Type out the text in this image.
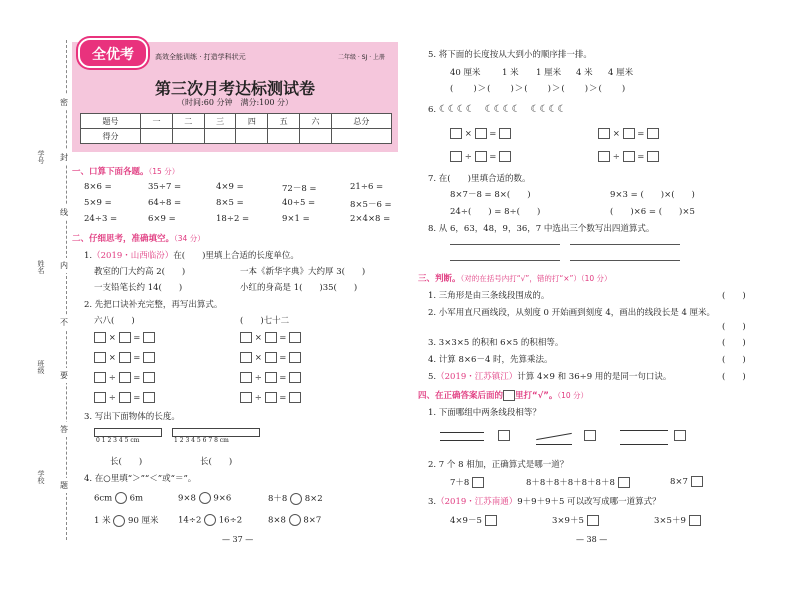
学号
姓名
班级
学校
密
封
线
内
不
要
答
题
全优考	高效全能训练 · 打造学科状元	二年级 · SJ · 上册
第三次月考达标测试卷
（时间:60 分钟　满分:100 分）
题号	一	二	三	四	五	六	总分
得分							
一、口算下面各题。（15 分）
8×6 =	35÷7 =	4×9 =	72－8 =	21÷6 =
5×9 =	64÷8 =	8×5 =	40÷5 =	8×5－6 =
24÷3 =	6×9 =	18÷2 =	9×1 =	2×4×8 =
二、仔细思考，准确填空。（34 分）
1.（2019・山西临汾）在(　　)里填上合适的长度单位。
教室的门大约高 2(　　)	一本《新华字典》大约厚 3(　　)
一支铅笔长约 14(　　)	小红的身高是 1(　　)35(　　)
2. 先把口诀补充完整，再写出算式。
六八(　　)	(　　)七十二
× =	× =
× =	× =
÷ =	÷ =
÷ =	÷ =
3. 写出下面物体的长度。
0 1 2 3 4 5 cm	1 2 3 4 5 6 7 8 cm
长(　　)	长(　　)
4. 在○里填“＞”“＜”或“＝”。
6cm 6m	9×8 9×6	8＋8 8×2
1 米 90 厘米 14÷2 16÷2	8×8 8×7
— 37 —
5. 将下面的长度按从大到小的顺序排一排。
40 厘米	1 米 1 厘米 4 米 4 厘米
(　　)＞(　　)＞(　　)＞(　　)＞(　　)
6. ☾☾☾☾　☾☾☾☾　☾☾☾☾
× =	× =
÷ =	÷ =
7. 在(　　)里填合适的数。
8×7－8 = 8×(　　)	9×3 = (　　)×(　　)
24÷(　　) = 8÷(　　)	(　　)×6 = (　　)×5
8. 从 6，63，48，9，36，7 中选出三个数写出四道算式。
三、判断。（对的在括号内打“√”，错的打“×”）（10 分）
1. 三角形是由三条线段围成的。	(　　)
2. 小军用直尺画线段，从刻度 0 开始画到刻度 4，画出的线段长是 4 厘米。
(　　)
3. 3×3×5 的积和 6×5 的积相等。	(　　)
4. 计算 8×6－4 时，先算乘法。	(　　)
5.（2019・江苏镇江）计算 4×9 和 36÷9 用的是同一句口诀。	(　　)
四、在正确答案后面的 里打“√”。（10 分）
1. 下面哪组中两条线段相等？
2. 7 个 8 相加，正确算式是哪一道？
7＋8	8＋8＋8＋8＋8＋8＋8	8×7
3.（2019・江苏南通）9＋9＋9＋5 可以改写成哪一道算式？
4×9－5	3×9＋5	3×5＋9
— 38 —
